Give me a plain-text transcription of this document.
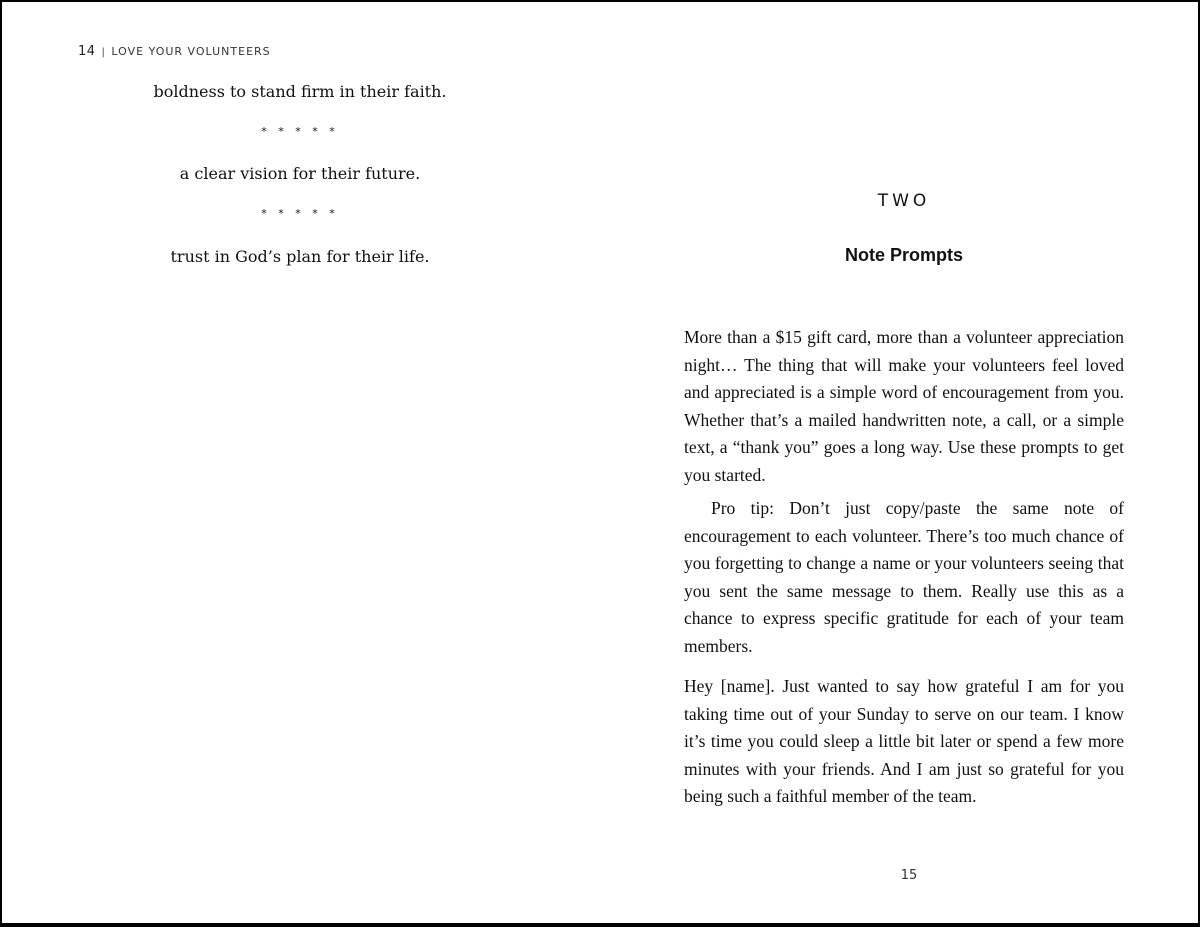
14 | LOVE YOUR VOLUNTEERS
boldness to stand firm in their faith.
* * * * *
a clear vision for their future.
* * * * *
trust in God’s plan for their life.
TWO
Note Prompts

More than a $15 gift card, more than a volunteer appreciation night… The thing that will make your volunteers feel loved and appreciated is a simple word of encouragement from you. Whether that’s a mailed handwritten note, a call, or a simple text, a “thank you” goes a long way. Use these prompts to get you started.

Pro tip: Don’t just copy/paste the same note of encouragement to each volunteer. There’s too much chance of you forgetting to change a name or your volunteers seeing that you sent the same message to them. Really use this as a chance to express specific gratitude for each of your team members.

Hey [name]. Just wanted to say how grateful I am for you taking time out of your Sunday to serve on our team. I know it’s time you could sleep a little bit later or spend a few more minutes with your friends. And I am just so grateful for you being such a faithful member of the team.

15
